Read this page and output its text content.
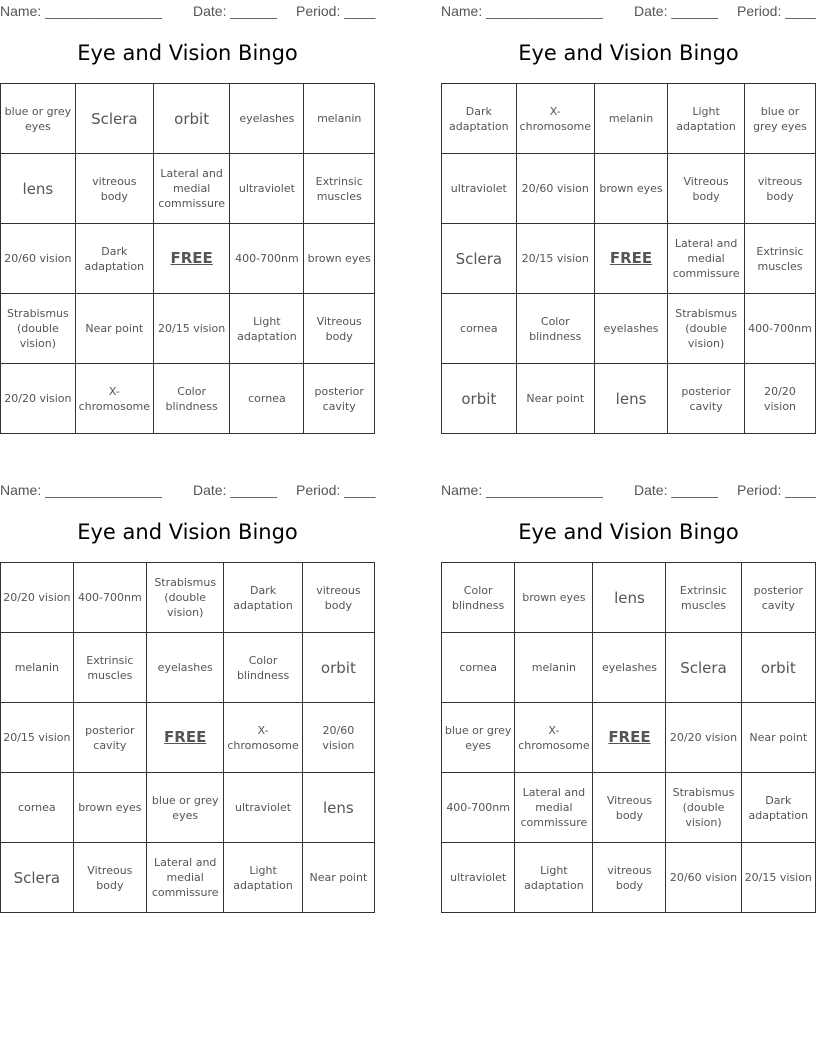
Name: _______________ Date: ______ Period: ____
Eye and Vision Bingo
blue or grey eyes	Sclera	orbit	eyelashes	melanin
lens	vitreous body	Lateral and medial commissure	ultraviolet	Extrinsic muscles
20/60 vision	Dark adaptation	FREE	400-700nm	brown eyes
Strabismus (double vision)	Near point	20/15 vision	Light adaptation	Vitreous body
20/20 vision	X-chromosome	Color blindness	cornea	posterior cavity
Name: _______________ Date: ______ Period: ____
Eye and Vision Bingo
Dark adaptation	X-chromosome	melanin	Light adaptation	blue or grey eyes
ultraviolet	20/60 vision	brown eyes	Vitreous body	vitreous body
Sclera	20/15 vision	FREE	Lateral and medial commissure	Extrinsic muscles
cornea	Color blindness	eyelashes	Strabismus (double vision)	400-700nm
orbit	Near point	lens	posterior cavity	20/20 vision
Name: _______________ Date: ______ Period: ____
Eye and Vision Bingo
20/20 vision	400-700nm	Strabismus (double vision)	Dark adaptation	vitreous body
melanin	Extrinsic muscles	eyelashes	Color blindness	orbit
20/15 vision	posterior cavity	FREE	X-chromosome	20/60 vision
cornea	brown eyes	blue or grey eyes	ultraviolet	lens
Sclera	Vitreous body	Lateral and medial commissure	Light adaptation	Near point
Name: _______________ Date: ______ Period: ____
Eye and Vision Bingo
Color blindness	brown eyes	lens	Extrinsic muscles	posterior cavity
cornea	melanin	eyelashes	Sclera	orbit
blue or grey eyes	X-chromosome	FREE	20/20 vision	Near point
400-700nm	Lateral and medial commissure	Vitreous body	Strabismus (double vision)	Dark adaptation
ultraviolet	Light adaptation	vitreous body	20/60 vision	20/15 vision
